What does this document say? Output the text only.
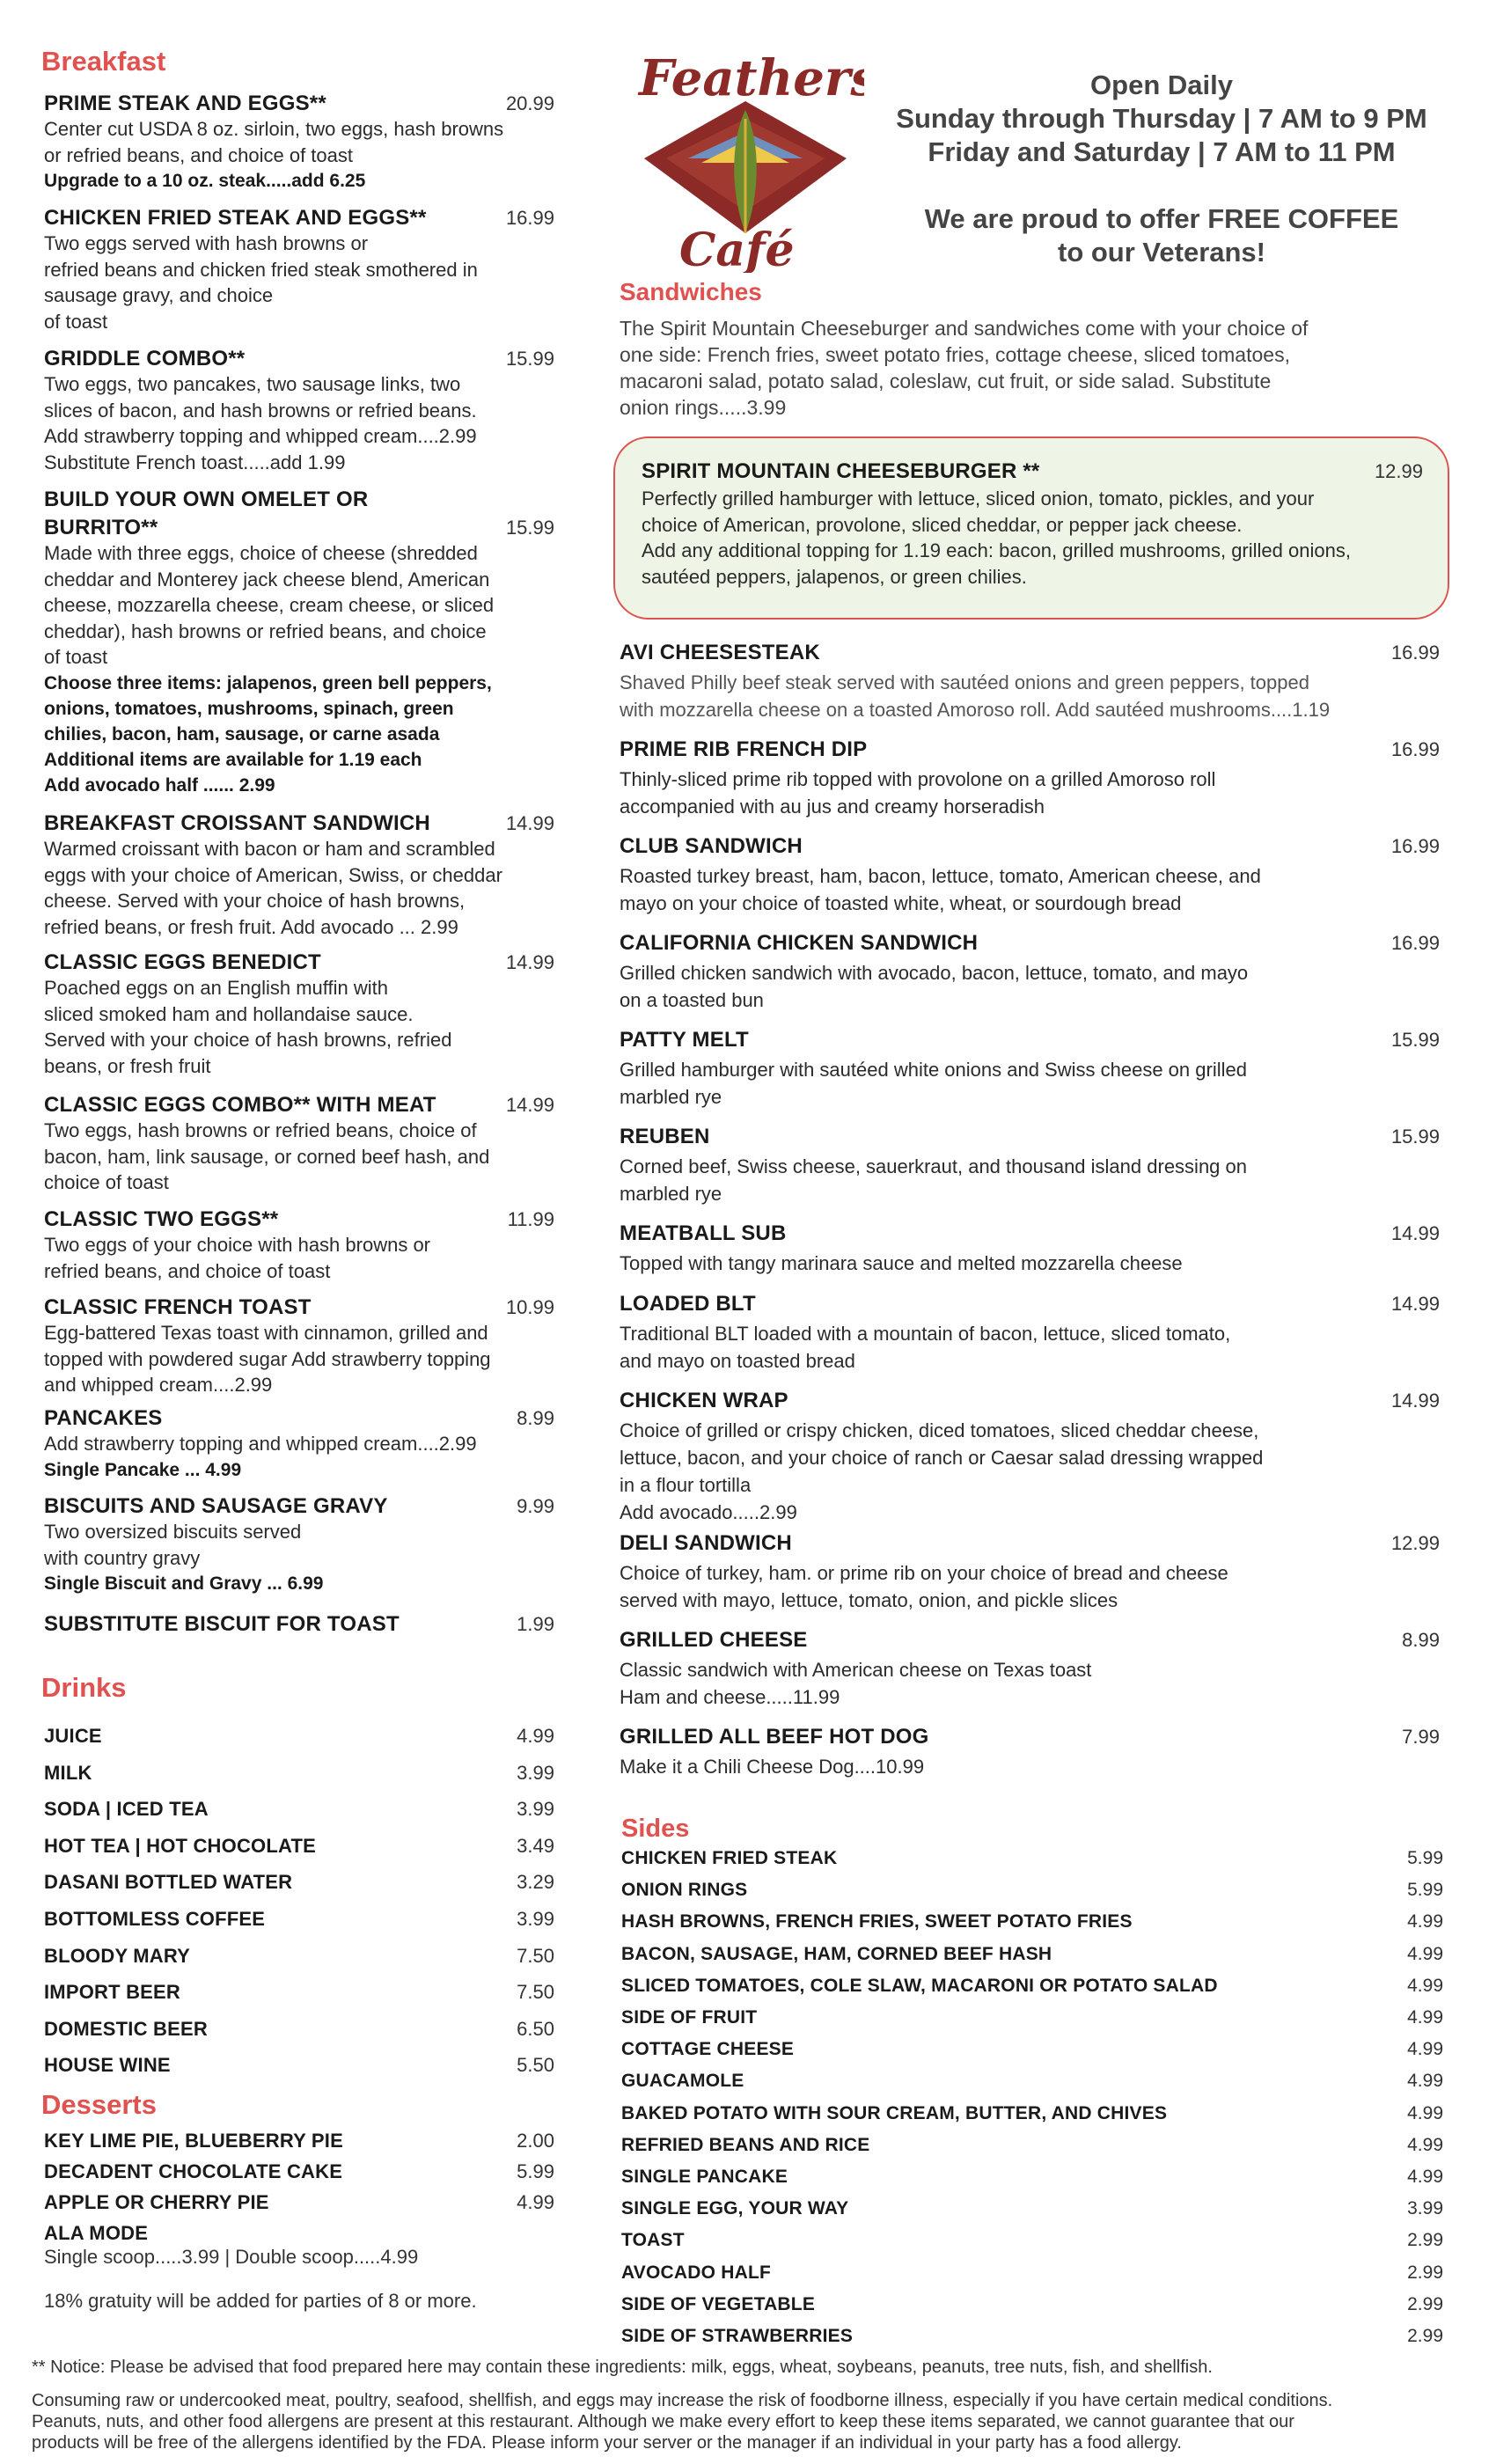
Breakfast
PRIME STEAK AND EGGS**	20.99
Center cut USDA 8 oz. sirloin, two eggs, hash browns
or refried beans, and choice of toast
Upgrade to a 10 oz. steak.....add 6.25
CHICKEN FRIED STEAK AND EGGS**	16.99
Two eggs served with hash browns or
refried beans and chicken fried steak smothered in
sausage gravy, and choice
of toast
GRIDDLE COMBO**	15.99
Two eggs, two pancakes, two sausage links, two
slices of bacon, and hash browns or refried beans.
Add strawberry topping and whipped cream....2.99
Substitute French toast.....add 1.99
BUILD YOUR OWN OMELET OR
BURRITO**	15.99
Made with three eggs, choice of cheese (shredded
cheddar and Monterey jack cheese blend, American
cheese, mozzarella cheese, cream cheese, or sliced
cheddar), hash browns or refried beans, and choice
of toast
Choose three items: jalapenos, green bell peppers,
onions, tomatoes, mushrooms, spinach, green
chilies, bacon, ham, sausage, or carne asada
Additional items are available for 1.19 each
Add avocado half ...... 2.99
BREAKFAST CROISSANT SANDWICH	14.99
Warmed croissant with bacon or ham and scrambled
eggs with your choice of American, Swiss, or cheddar
cheese. Served with your choice of hash browns,
refried beans, or fresh fruit. Add avocado ... 2.99
CLASSIC EGGS BENEDICT	14.99
Poached eggs on an English muffin with
sliced smoked ham and hollandaise sauce.
Served with your choice of hash browns, refried
beans, or fresh fruit
CLASSIC EGGS COMBO** WITH MEAT	14.99
Two eggs, hash browns or refried beans, choice of
bacon, ham, link sausage, or corned beef hash, and
choice of toast
CLASSIC TWO EGGS**	11.99
Two eggs of your choice with hash browns or
refried beans, and choice of toast
CLASSIC FRENCH TOAST	10.99
Egg-battered Texas toast with cinnamon, grilled and
topped with powdered sugar Add strawberry topping
and whipped cream....2.99
PANCAKES	8.99
Add strawberry topping and whipped cream....2.99
Single Pancake ... 4.99
BISCUITS AND SAUSAGE GRAVY	9.99
Two oversized biscuits served
with country gravy
Single Biscuit and Gravy ... 6.99
SUBSTITUTE BISCUIT FOR TOAST	1.99
Drinks
JUICE	4.99
MILK	3.99
SODA | ICED TEA	3.99
HOT TEA | HOT CHOCOLATE	3.49
DASANI BOTTLED WATER	3.29
BOTTOMLESS COFFEE	3.99
BLOODY MARY	7.50
IMPORT BEER	7.50
DOMESTIC BEER	6.50
HOUSE WINE	5.50
Desserts
KEY LIME PIE, BLUEBERRY PIE	2.00
DECADENT CHOCOLATE CAKE	5.99
APPLE OR CHERRY PIE	4.99
ALA MODE
Single scoop.....3.99 | Double scoop.....4.99
18% gratuity will be added for parties of 8 or more.
Feathers
Café
Open Daily
Sunday through Thursday | 7 AM to 9 PM
Friday and Saturday | 7 AM to 11 PM
We are proud to offer FREE COFFEE
to our Veterans!
Sandwiches
The Spirit Mountain Cheeseburger and sandwiches come with your choice of
one side: French fries, sweet potato fries, cottage cheese, sliced tomatoes,
macaroni salad, potato salad, coleslaw, cut fruit, or side salad. Substitute
onion rings.....3.99
SPIRIT MOUNTAIN CHEESEBURGER **	12.99
Perfectly grilled hamburger with lettuce, sliced onion, tomato, pickles, and your
choice of American, provolone, sliced cheddar, or pepper jack cheese.
Add any additional topping for 1.19 each: bacon, grilled mushrooms, grilled onions,
sautéed peppers, jalapenos, or green chilies.
AVI CHEESESTEAK	16.99
Shaved Philly beef steak served with sautéed onions and green peppers, topped
with mozzarella cheese on a toasted Amoroso roll. Add sautéed mushrooms....1.19
PRIME RIB FRENCH DIP	16.99
Thinly-sliced prime rib topped with provolone on a grilled Amoroso roll
accompanied with au jus and creamy horseradish
CLUB SANDWICH	16.99
Roasted turkey breast, ham, bacon, lettuce, tomato, American cheese, and
mayo on your choice of toasted white, wheat, or sourdough bread
CALIFORNIA CHICKEN SANDWICH	16.99
Grilled chicken sandwich with avocado, bacon, lettuce, tomato, and mayo
on a toasted bun
PATTY MELT	15.99
Grilled hamburger with sautéed white onions and Swiss cheese on grilled
marbled rye
REUBEN	15.99
Corned beef, Swiss cheese, sauerkraut, and thousand island dressing on
marbled rye
MEATBALL SUB	14.99
Topped with tangy marinara sauce and melted mozzarella cheese
LOADED BLT	14.99
Traditional BLT loaded with a mountain of bacon, lettuce, sliced tomato,
and mayo on toasted bread
CHICKEN WRAP	14.99
Choice of grilled or crispy chicken, diced tomatoes, sliced cheddar cheese,
lettuce, bacon, and your choice of ranch or Caesar salad dressing wrapped
in a flour tortilla
Add avocado.....2.99
DELI SANDWICH	12.99
Choice of turkey, ham. or prime rib on your choice of bread and cheese
served with mayo, lettuce, tomato, onion, and pickle slices
GRILLED CHEESE	8.99
Classic sandwich with American cheese on Texas toast
Ham and cheese.....11.99
GRILLED ALL BEEF HOT DOG	7.99
Make it a Chili Cheese Dog....10.99
Sides
CHICKEN FRIED STEAK	5.99
ONION RINGS	5.99
HASH BROWNS, FRENCH FRIES, SWEET POTATO FRIES	4.99
BACON, SAUSAGE, HAM, CORNED BEEF HASH	4.99
SLICED TOMATOES, COLE SLAW, MACARONI OR POTATO SALAD	4.99
SIDE OF FRUIT	4.99
COTTAGE CHEESE	4.99
GUACAMOLE	4.99
BAKED POTATO WITH SOUR CREAM, BUTTER, AND CHIVES	4.99
REFRIED BEANS AND RICE	4.99
SINGLE PANCAKE	4.99
SINGLE EGG, YOUR WAY	3.99
TOAST	2.99
AVOCADO HALF	2.99
SIDE OF VEGETABLE	2.99
SIDE OF STRAWBERRIES	2.99
** Notice: Please be advised that food prepared here may contain these ingredients: milk, eggs, wheat, soybeans, peanuts, tree nuts, fish, and shellfish.
Consuming raw or undercooked meat, poultry, seafood, shellfish, and eggs may increase the risk of foodborne illness, especially if you have certain medical conditions.
Peanuts, nuts, and other food allergens are present at this restaurant. Although we make every effort to keep these items separated, we cannot guarantee that our
products will be free of the allergens identified by the FDA. Please inform your server or the manager if an individual in your party has a food allergy.
